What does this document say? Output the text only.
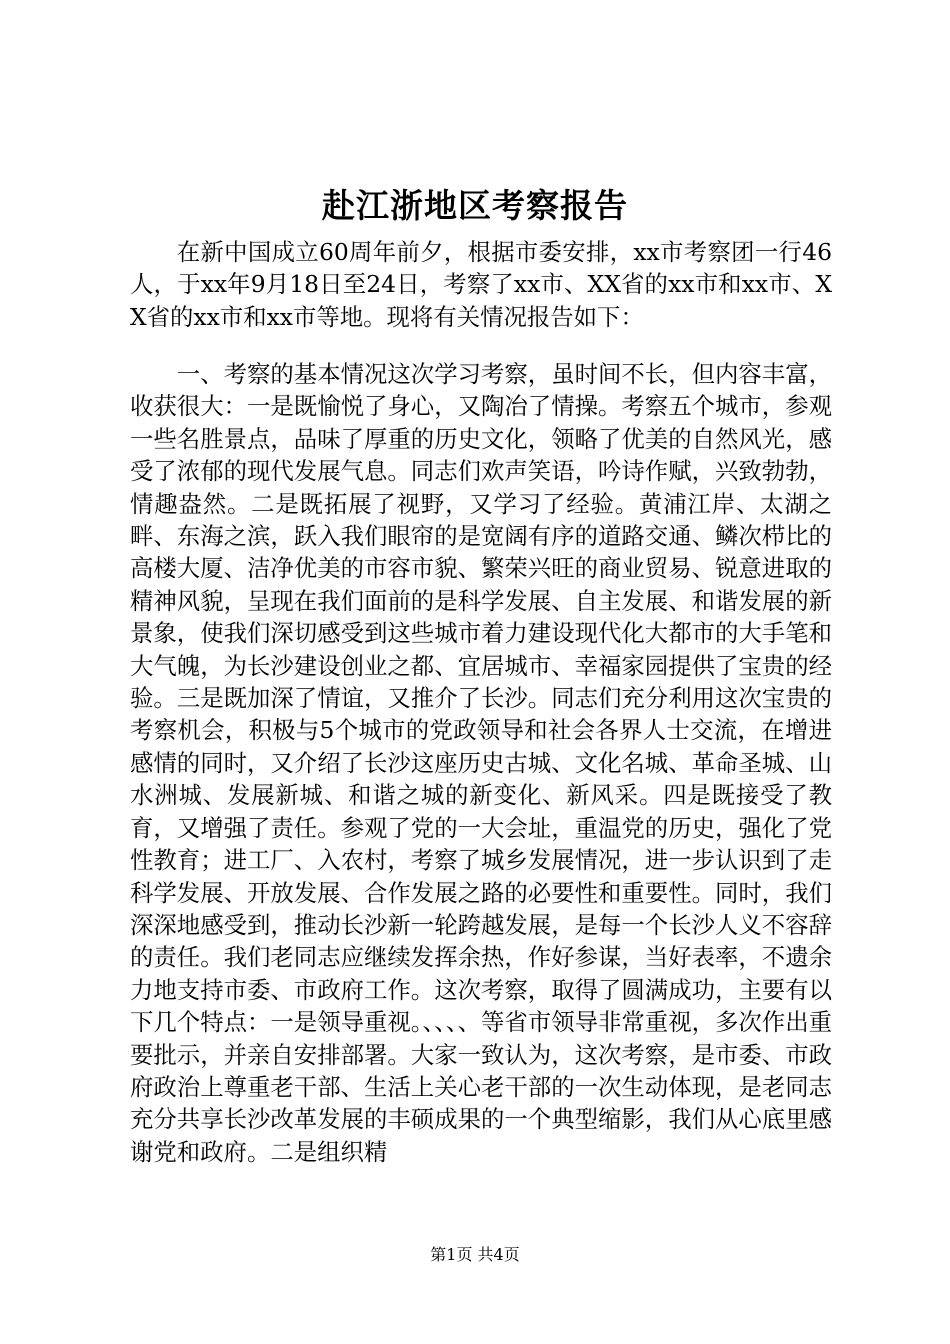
赴江浙地区考察报告

在新中国成立60周年前夕，根据市委安排，xx市考察团一行46人，于xx年9月18日至24日，考察了xx市、XX省的xx市和xx市、XX省的xx市和xx市等地。现将有关情况报告如下：

一、考察的基本情况这次学习考察，虽时间不长，但内容丰富，收获很大：一是既愉悦了身心，又陶冶了情操。考察五个城市，参观一些名胜景点，品味了厚重的历史文化，领略了优美的自然风光，感受了浓郁的现代发展气息。同志们欢声笑语，吟诗作赋，兴致勃勃，情趣盎然。二是既拓展了视野，又学习了经验。黄浦江岸、太湖之畔、东海之滨，跃入我们眼帘的是宽阔有序的道路交通、鳞次栉比的高楼大厦、洁净优美的市容市貌、繁荣兴旺的商业贸易、锐意进取的精神风貌，呈现在我们面前的是科学发展、自主发展、和谐发展的新景象，使我们深切感受到这些城市着力建设现代化大都市的大手笔和大气魄，为长沙建设创业之都、宜居城市、幸福家园提供了宝贵的经验。三是既加深了情谊，又推介了长沙。同志们充分利用这次宝贵的考察机会，积极与5个城市的党政领导和社会各界人士交流，在增进感情的同时，又介绍了长沙这座历史古城、文化名城、革命圣城、山水洲城、发展新城、和谐之城的新变化、新风采。四是既接受了教育，又增强了责任。参观了党的一大会址，重温党的历史，强化了党性教育；进工厂、入农村，考察了城乡发展情况，进一步认识到了走科学发展、开放发展、合作发展之路的必要性和重要性。同时，我们深深地感受到，推动长沙新一轮跨越发展，是每一个长沙人义不容辞的责任。我们老同志应继续发挥余热，作好参谋，当好表率，不遗余力地支持市委、市政府工作。这次考察，取得了圆满成功，主要有以下几个特点：一是领导重视。、、、、等省市领导非常重视，多次作出重要批示，并亲自安排部署。大家一致认为，这次考察，是市委、市政府政治上尊重老干部、生活上关心老干部的一次生动体现，是老同志充分共享长沙改革发展的丰硕成果的一个典型缩影，我们从心底里感谢党和政府。二是组织精

第1页 共4页
